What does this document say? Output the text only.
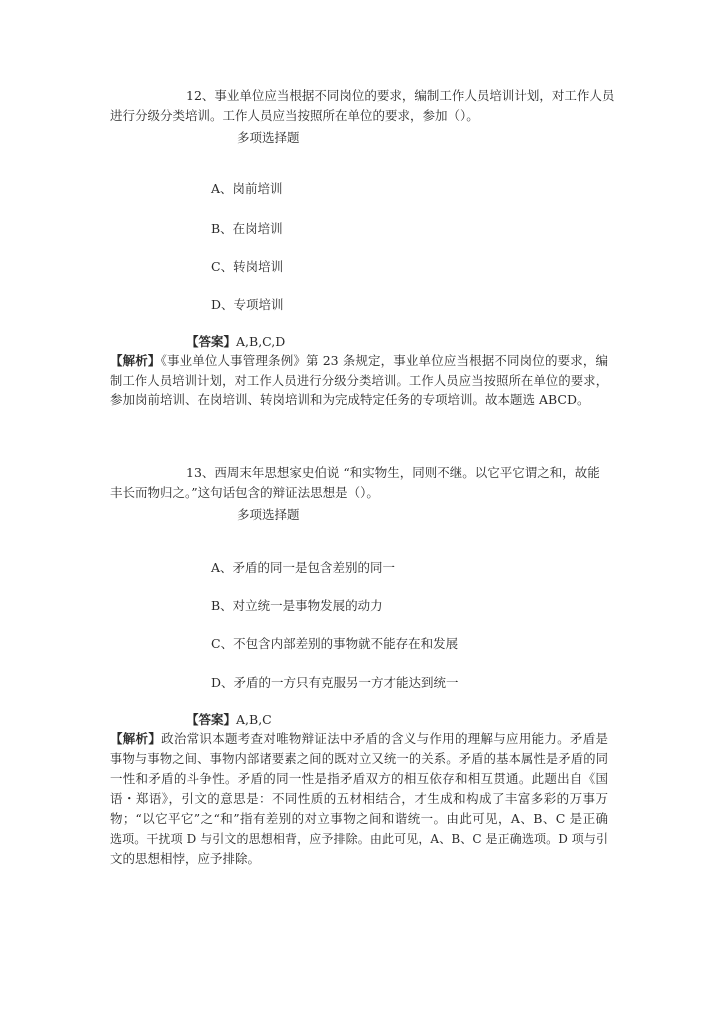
12、事业单位应当根据不同岗位的要求，编制工作人员培训计划，对工作人员
进行分级分类培训。工作人员应当按照所在单位的要求，参加（）。
多项选择题
A、岗前培训
B、在岗培训
C、转岗培训
D、专项培训
【答案】A,B,C,D
【解析】《事业单位人事管理条例》第 23 条规定，事业单位应当根据不同岗位的要求，编
制工作人员培训计划，对工作人员进行分级分类培训。工作人员应当按照所在单位的要求，
参加岗前培训、在岗培训、转岗培训和为完成特定任务的专项培训。故本题选 ABCD。
13、西周末年思想家史伯说 “和实物生，同则不继。以它平它谓之和，故能
丰长而物归之。”这句话包含的辩证法思想是（）。
多项选择题
A、矛盾的同一是包含差别的同一
B、对立统一是事物发展的动力
C、不包含内部差别的事物就不能存在和发展
D、矛盾的一方只有克服另一方才能达到统一
【答案】A,B,C
【解析】政治常识本题考查对唯物辩证法中矛盾的含义与作用的理解与应用能力。矛盾是
事物与事物之间、事物内部诸要素之间的既对立又统一的关系。矛盾的基本属性是矛盾的同
一性和矛盾的斗争性。矛盾的同一性是指矛盾双方的相互依存和相互贯通。此题出自《国
语・郑语》，引文的意思是：不同性质的五材相结合，才生成和构成了丰富多彩的万事万
物；“以它平它”之“和”指有差别的对立事物之间和谐统一。由此可见，A、B、C 是正确
选项。干扰项 D 与引文的思想相背，应予排除。由此可见，A、B、C 是正确选项。D 项与引
文的思想相悖，应予排除。
